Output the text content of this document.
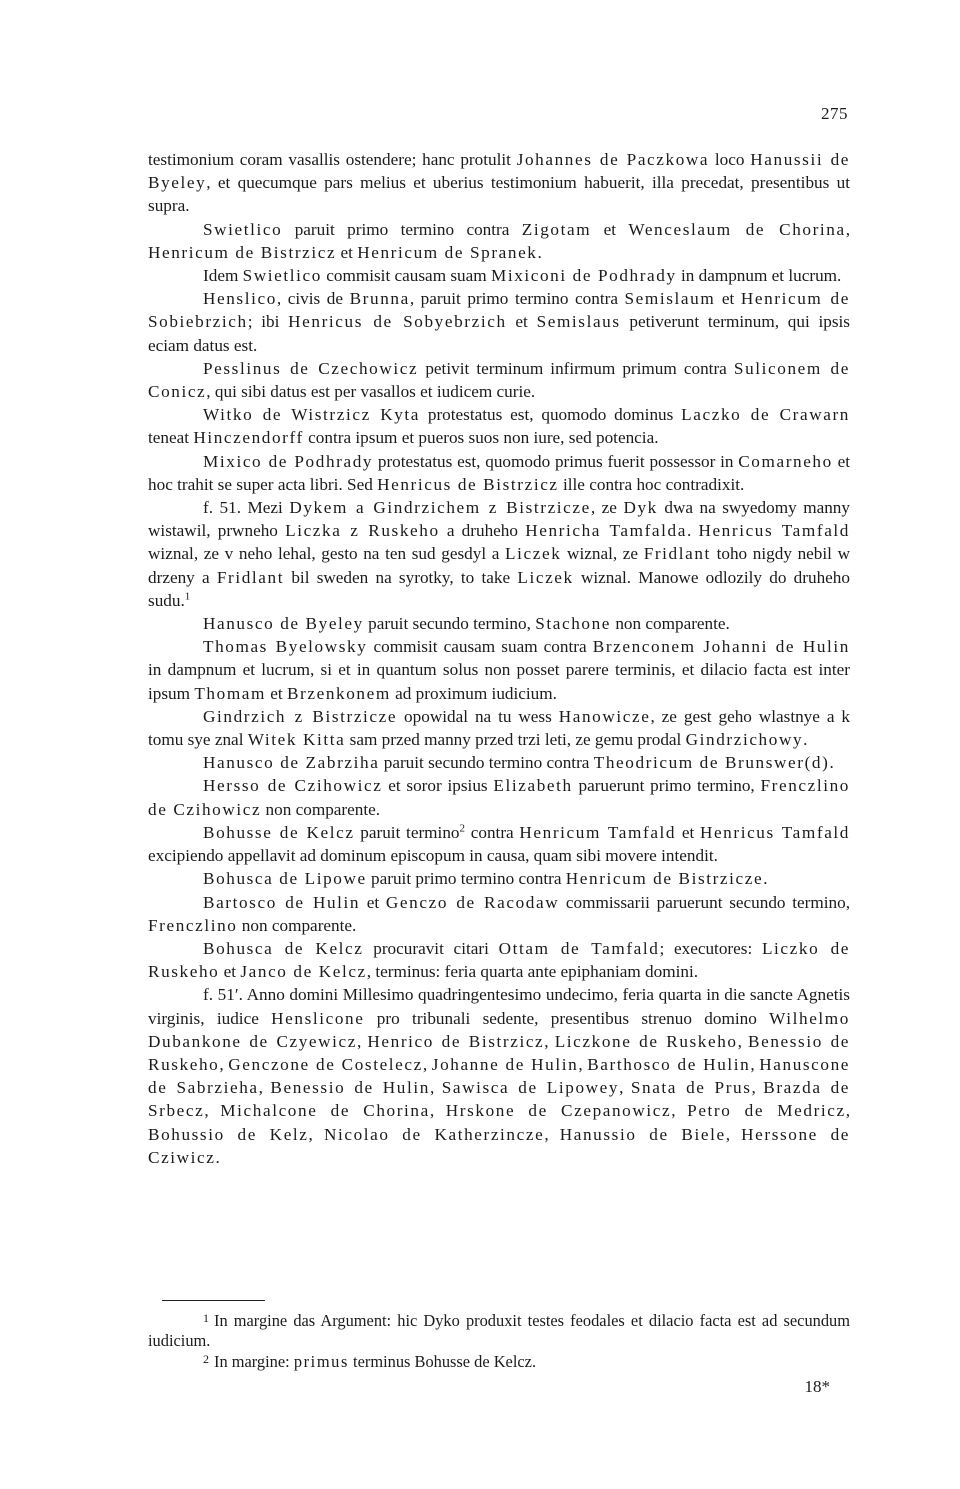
275

testimonium coram vasallis ostendere; hanc protulit Johannes de Paczkowa loco Hanussii de Byeley, et quecumque pars melius et uberius testimonium habuerit, illa precedat, presentibus ut supra.

Swietlico paruit primo termino contra Zigotam et Wenceslaum de Chorina, Henricum de Bistrzicz et Henricum de Spranek.

Idem Swietlico commisit causam suam Mixiconi de Podhrady in dampnum et lucrum.

Henslico, civis de Brunna, paruit primo termino contra Semislaum et Henricum de Sobiebrzich; ibi Henricus de Sobyebrzich et Semislaus petiverunt terminum, qui ipsis eciam datus est.

Pesslinus de Czechowicz petivit terminum infirmum primum contra Suliconem de Conicz, qui sibi datus est per vasallos et iudicem curie.

Witko de Wistrzicz Kyta protestatus est, quomodo dominus Laczko de Crawarn teneat Hinczendorff contra ipsum et pueros suos non iure, sed potencia.

Mixico de Podhrady protestatus est, quomodo primus fuerit possessor in Comarneho et hoc trahit se super acta libri. Sed Henricus de Bistrzicz ille contra hoc contradixit.

f. 51. Mezi Dykem a Gindrzichem z Bistrzicze, ze Dyk dwa na swyedomy manny wistawil, prwneho Liczka z Ruskeho a druheho Henricha Tamfalda. Henricus Tamfald wiznal, ze v neho lehal, gesto na ten sud gesdyl a Liczek wiznal, ze Fridlant toho nigdy nebil w drzeny a Fridlant bil sweden na syrotky, to take Liczek wiznal. Manowe odlozily do druheho sudu.$^1$

Hanusco de Byeley paruit secundo termino, Stachone non comparente.

Thomas Byelowsky commisit causam suam contra Brzenconem Johanni de Hulin in dampnum et lucrum, si et in quantum solus non posset parere terminis, et dilacio facta est inter ipsum Thomam et Brzenkonem ad proximum iudicium.

Gindrzich z Bistrzicze opowidal na tu wess Hanowicze, ze gest geho wlastnye a k tomu sye znal Witek Kitta sam przed manny przed trzi leti, ze gemu prodal Gindrzichowy.

Hanusco de Zabrziha paruit secundo termino contra Theodricum de Brunswer(d).

Hersso de Czihowicz et soror ipsius Elizabeth paruerunt primo termino, Frenczlino de Czihowicz non comparente.

Bohusse de Kelcz paruit termino$^2$ contra Henricum Tamfald et Henricus Tamfald excipiendo appellavit ad dominum episcopum in causa, quam sibi movere intendit.

Bohusca de Lipowe paruit primo termino contra Henricum de Bistrzicze.

Bartosco de Hulin et Genczo de Racodaw commissarii paruerunt secundo termino, Frenczlino non comparente.

Bohusca de Kelcz procuravit citari Ottam de Tamfald; executores: Liczko de Ruskeho et Janco de Kelcz, terminus: feria quarta ante epiphaniam domini.

f. 51′. Anno domini Millesimo quadringentesimo undecimo, feria quarta in die sancte Agnetis virginis, iudice Henslicone pro tribunali sedente, presentibus strenuo domino Wilhelmo Dubankone de Czyewicz, Henrico de Bistrzicz, Liczkone de Ruskeho, Benessio de Ruskeho, Genczone de Costelecz, Johanne de Hulin, Barthosco de Hulin, Hanuscone de Sabrzieha, Benessio de Hulin, Sawisca de Lipowey, Snata de Prus, Brazda de Srbecz, Michalcone de Chorina, Hrskone de Czepanowicz, Petro de Medricz, Bohussio de Kelz, Nicolao de Katherzincze, Hanussio de Biele, Herssone de Cziwicz.

$^1$ In margine das Argument: hic Dyko produxit testes feodales et dilacio facta est ad secundum iudicium.
$^2$ In margine: primus terminus Bohusse de Kelcz.
18*
